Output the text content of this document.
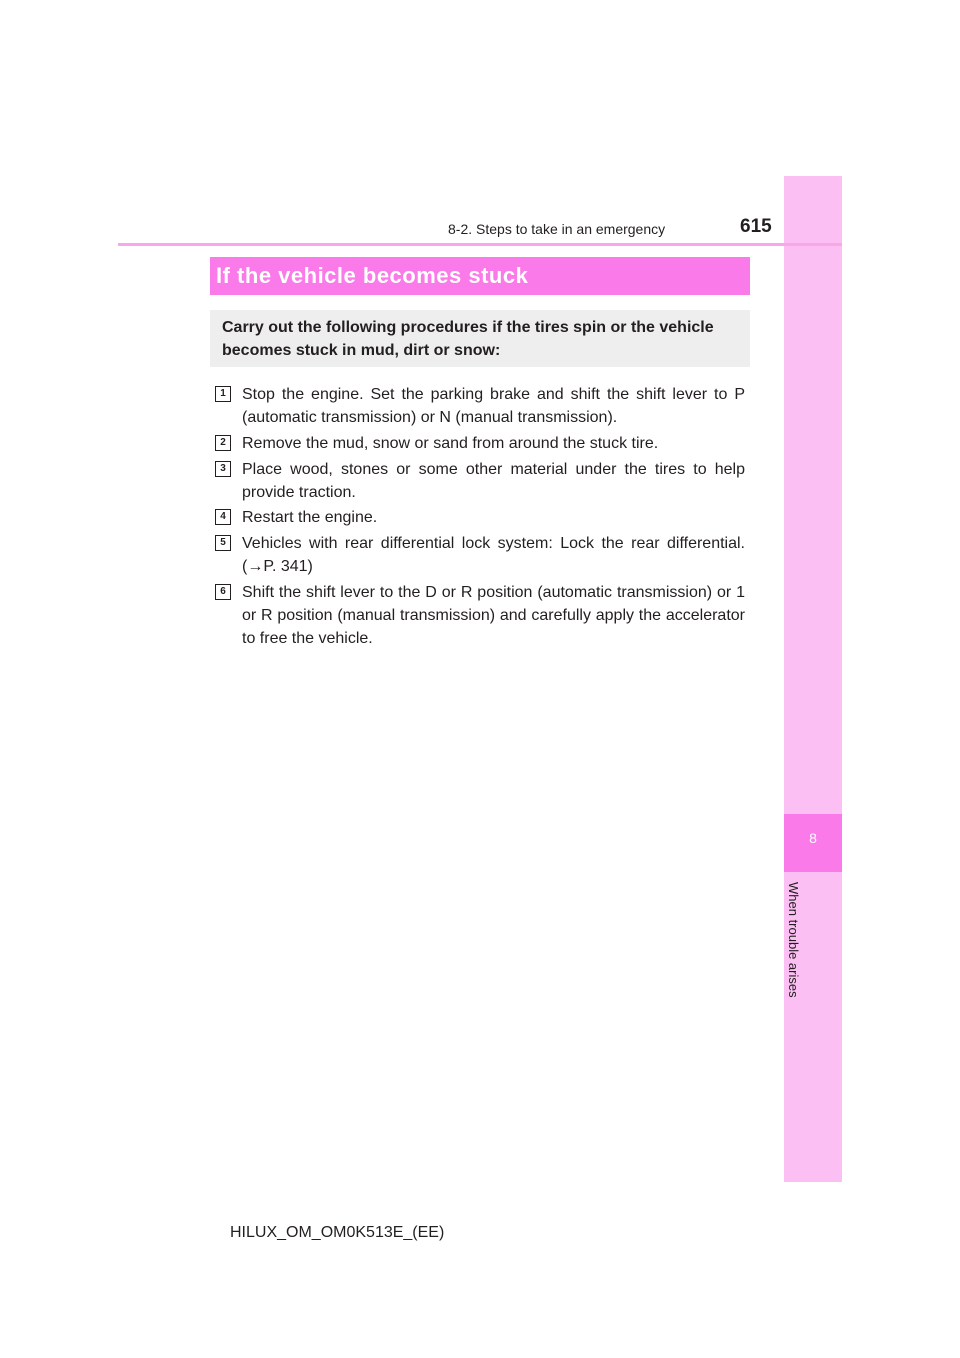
8
When trouble arises
8-2. Steps to take in an emergency	615
If the vehicle becomes stuck
Carry out the following procedures if the tires spin or the vehicle becomes stuck in mud, dirt or snow:
1	Stop the engine. Set the parking brake and shift the shift lever to P (automatic transmission) or N (manual transmission).
2	Remove the mud, snow or sand from around the stuck tire.
3	Place wood, stones or some other material under the tires to help provide traction.
4	Restart the engine.
5	Vehicles with rear differential lock system: Lock the rear differential. (→P. 341)
6	Shift the shift lever to the D or R position (automatic transmission) or 1 or R position (manual transmission) and carefully apply the accelerator to free the vehicle.
HILUX_OM_OM0K513E_(EE)
